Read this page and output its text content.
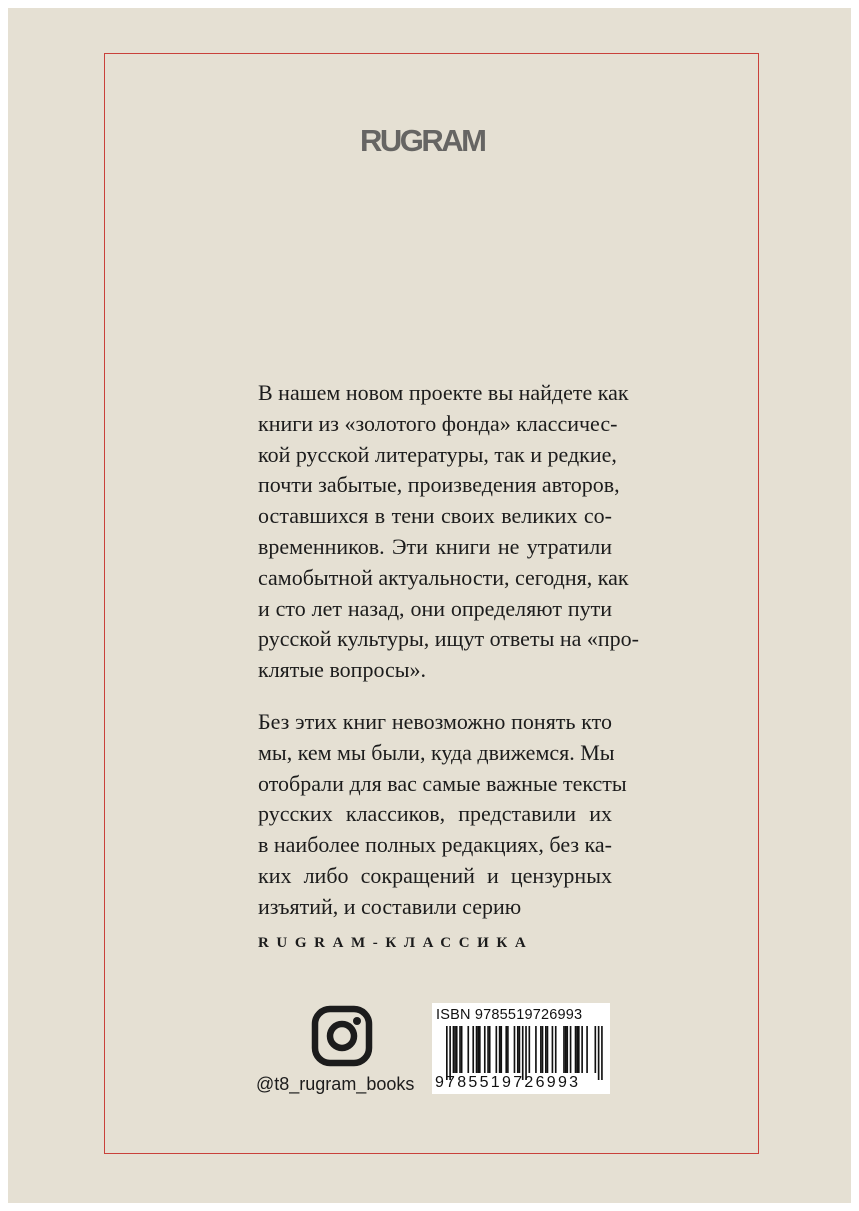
RUGRAM
В нашем новом проекте вы найдете как
книги из «золотого фонда» классичес-
кой русской литературы, так и редкие,
почти забытые, произведения авторов,
оставшихся в тени своих великих со-
временников. Эти книги не утратили
самобытной актуальности, сегодня, как
и сто лет назад, они определяют пути
русской культуры, ищут ответы на «про-
клятые вопросы».
Без этих книг невозможно понять кто
мы, кем мы были, куда движемся. Мы
отобрали для вас самые важные тексты
русских классиков, представили их
в наиболее полных редакциях, без ка-
ких либо сокращений и цензурных
изъятий, и составили серию
RUGRAM-КЛАССИКА
@t8_rugram_books
ISBN 9785519726993
9 785519726993
